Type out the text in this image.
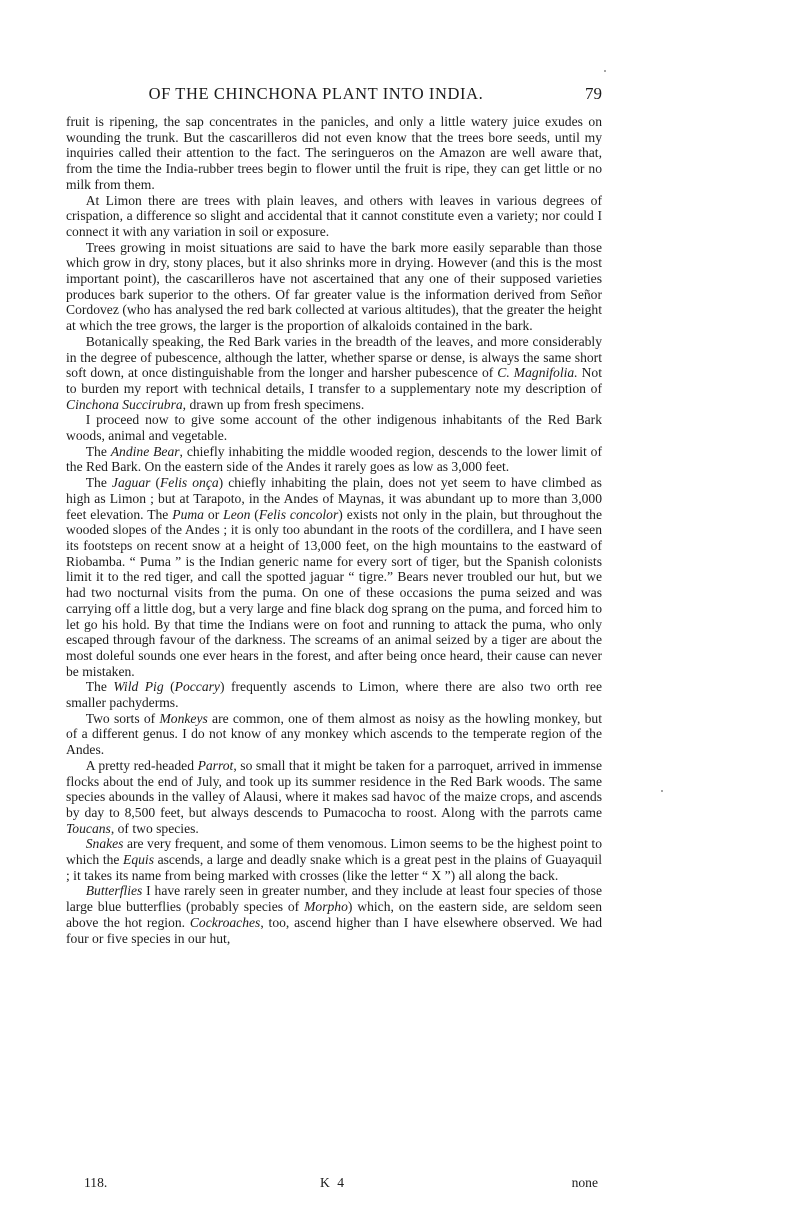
OF THE CHINCHONA PLANT INTO INDIA.	79

fruit is ripening, the sap concentrates in the panicles, and only a little watery juice exudes on wounding the trunk. But the cascarilleros did not even know that the trees bore seeds, until my inquiries called their attention to the fact. The seringueros on the Amazon are well aware that, from the time the India-rubber trees begin to flower until the fruit is ripe, they can get little or no milk from them.

At Limon there are trees with plain leaves, and others with leaves in various degrees of crispation, a difference so slight and accidental that it cannot constitute even a variety; nor could I connect it with any variation in soil or exposure.

Trees growing in moist situations are said to have the bark more easily separable than those which grow in dry, stony places, but it also shrinks more in drying. However (and this is the most important point), the cascarilleros have not ascertained that any one of their supposed varieties produces bark superior to the others. Of far greater value is the information derived from Señor Cordovez (who has analysed the red bark collected at various altitudes), that the greater the height at which the tree grows, the larger is the proportion of alkaloids contained in the bark.

Botanically speaking, the Red Bark varies in the breadth of the leaves, and more considerably in the degree of pubescence, although the latter, whether sparse or dense, is always the same short soft down, at once distinguishable from the longer and harsher pubescence of C. Magnifolia. Not to burden my report with technical details, I transfer to a supplementary note my description of Cinchona Succirubra, drawn up from fresh specimens.

I proceed now to give some account of the other indigenous inhabitants of the Red Bark woods, animal and vegetable.

The Andine Bear, chiefly inhabiting the middle wooded region, descends to the lower limit of the Red Bark. On the eastern side of the Andes it rarely goes as low as 3,000 feet.

The Jaguar (Felis onça) chiefly inhabiting the plain, does not yet seem to have climbed as high as Limon ; but at Tarapoto, in the Andes of Maynas, it was abundant up to more than 3,000 feet elevation. The Puma or Leon (Felis concolor) exists not only in the plain, but throughout the wooded slopes of the Andes ; it is only too abundant in the roots of the cordillera, and I have seen its footsteps on recent snow at a height of 13,000 feet, on the high mountains to the eastward of Riobamba. “ Puma ” is the Indian generic name for every sort of tiger, but the Spanish colonists limit it to the red tiger, and call the spotted jaguar “ tigre.” Bears never troubled our hut, but we had two nocturnal visits from the puma. On one of these occasions the puma seized and was carrying off a little dog, but a very large and fine black dog sprang on the puma, and forced him to let go his hold. By that time the Indians were on foot and running to attack the puma, who only escaped through favour of the darkness. The screams of an animal seized by a tiger are about the most doleful sounds one ever hears in the forest, and after being once heard, their cause can never be mistaken.

The Wild Pig (Poccary) frequently ascends to Limon, where there are also two orth ree smaller pachyderms.

Two sorts of Monkeys are common, one of them almost as noisy as the howling monkey, but of a different genus. I do not know of any monkey which ascends to the temperate region of the Andes.

A pretty red-headed Parrot, so small that it might be taken for a parroquet, arrived in immense flocks about the end of July, and took up its summer residence in the Red Bark woods. The same species abounds in the valley of Alausi, where it makes sad havoc of the maize crops, and ascends by day to 8,500 feet, but always descends to Pumacocha to roost. Along with the parrots came Toucans, of two species.

Snakes are very frequent, and some of them venomous. Limon seems to be the highest point to which the Equis ascends, a large and deadly snake which is a great pest in the plains of Guayaquil ; it takes its name from being marked with crosses (like the letter “ X ”) all along the back.

Butterflies I have rarely seen in greater number, and they include at least four species of those large blue butterflies (probably species of Morpho) which, on the eastern side, are seldom seen above the hot region. Cockroaches, too, ascend higher than I have elsewhere observed. We had four or five species in our hut,

118.	K 4	none
